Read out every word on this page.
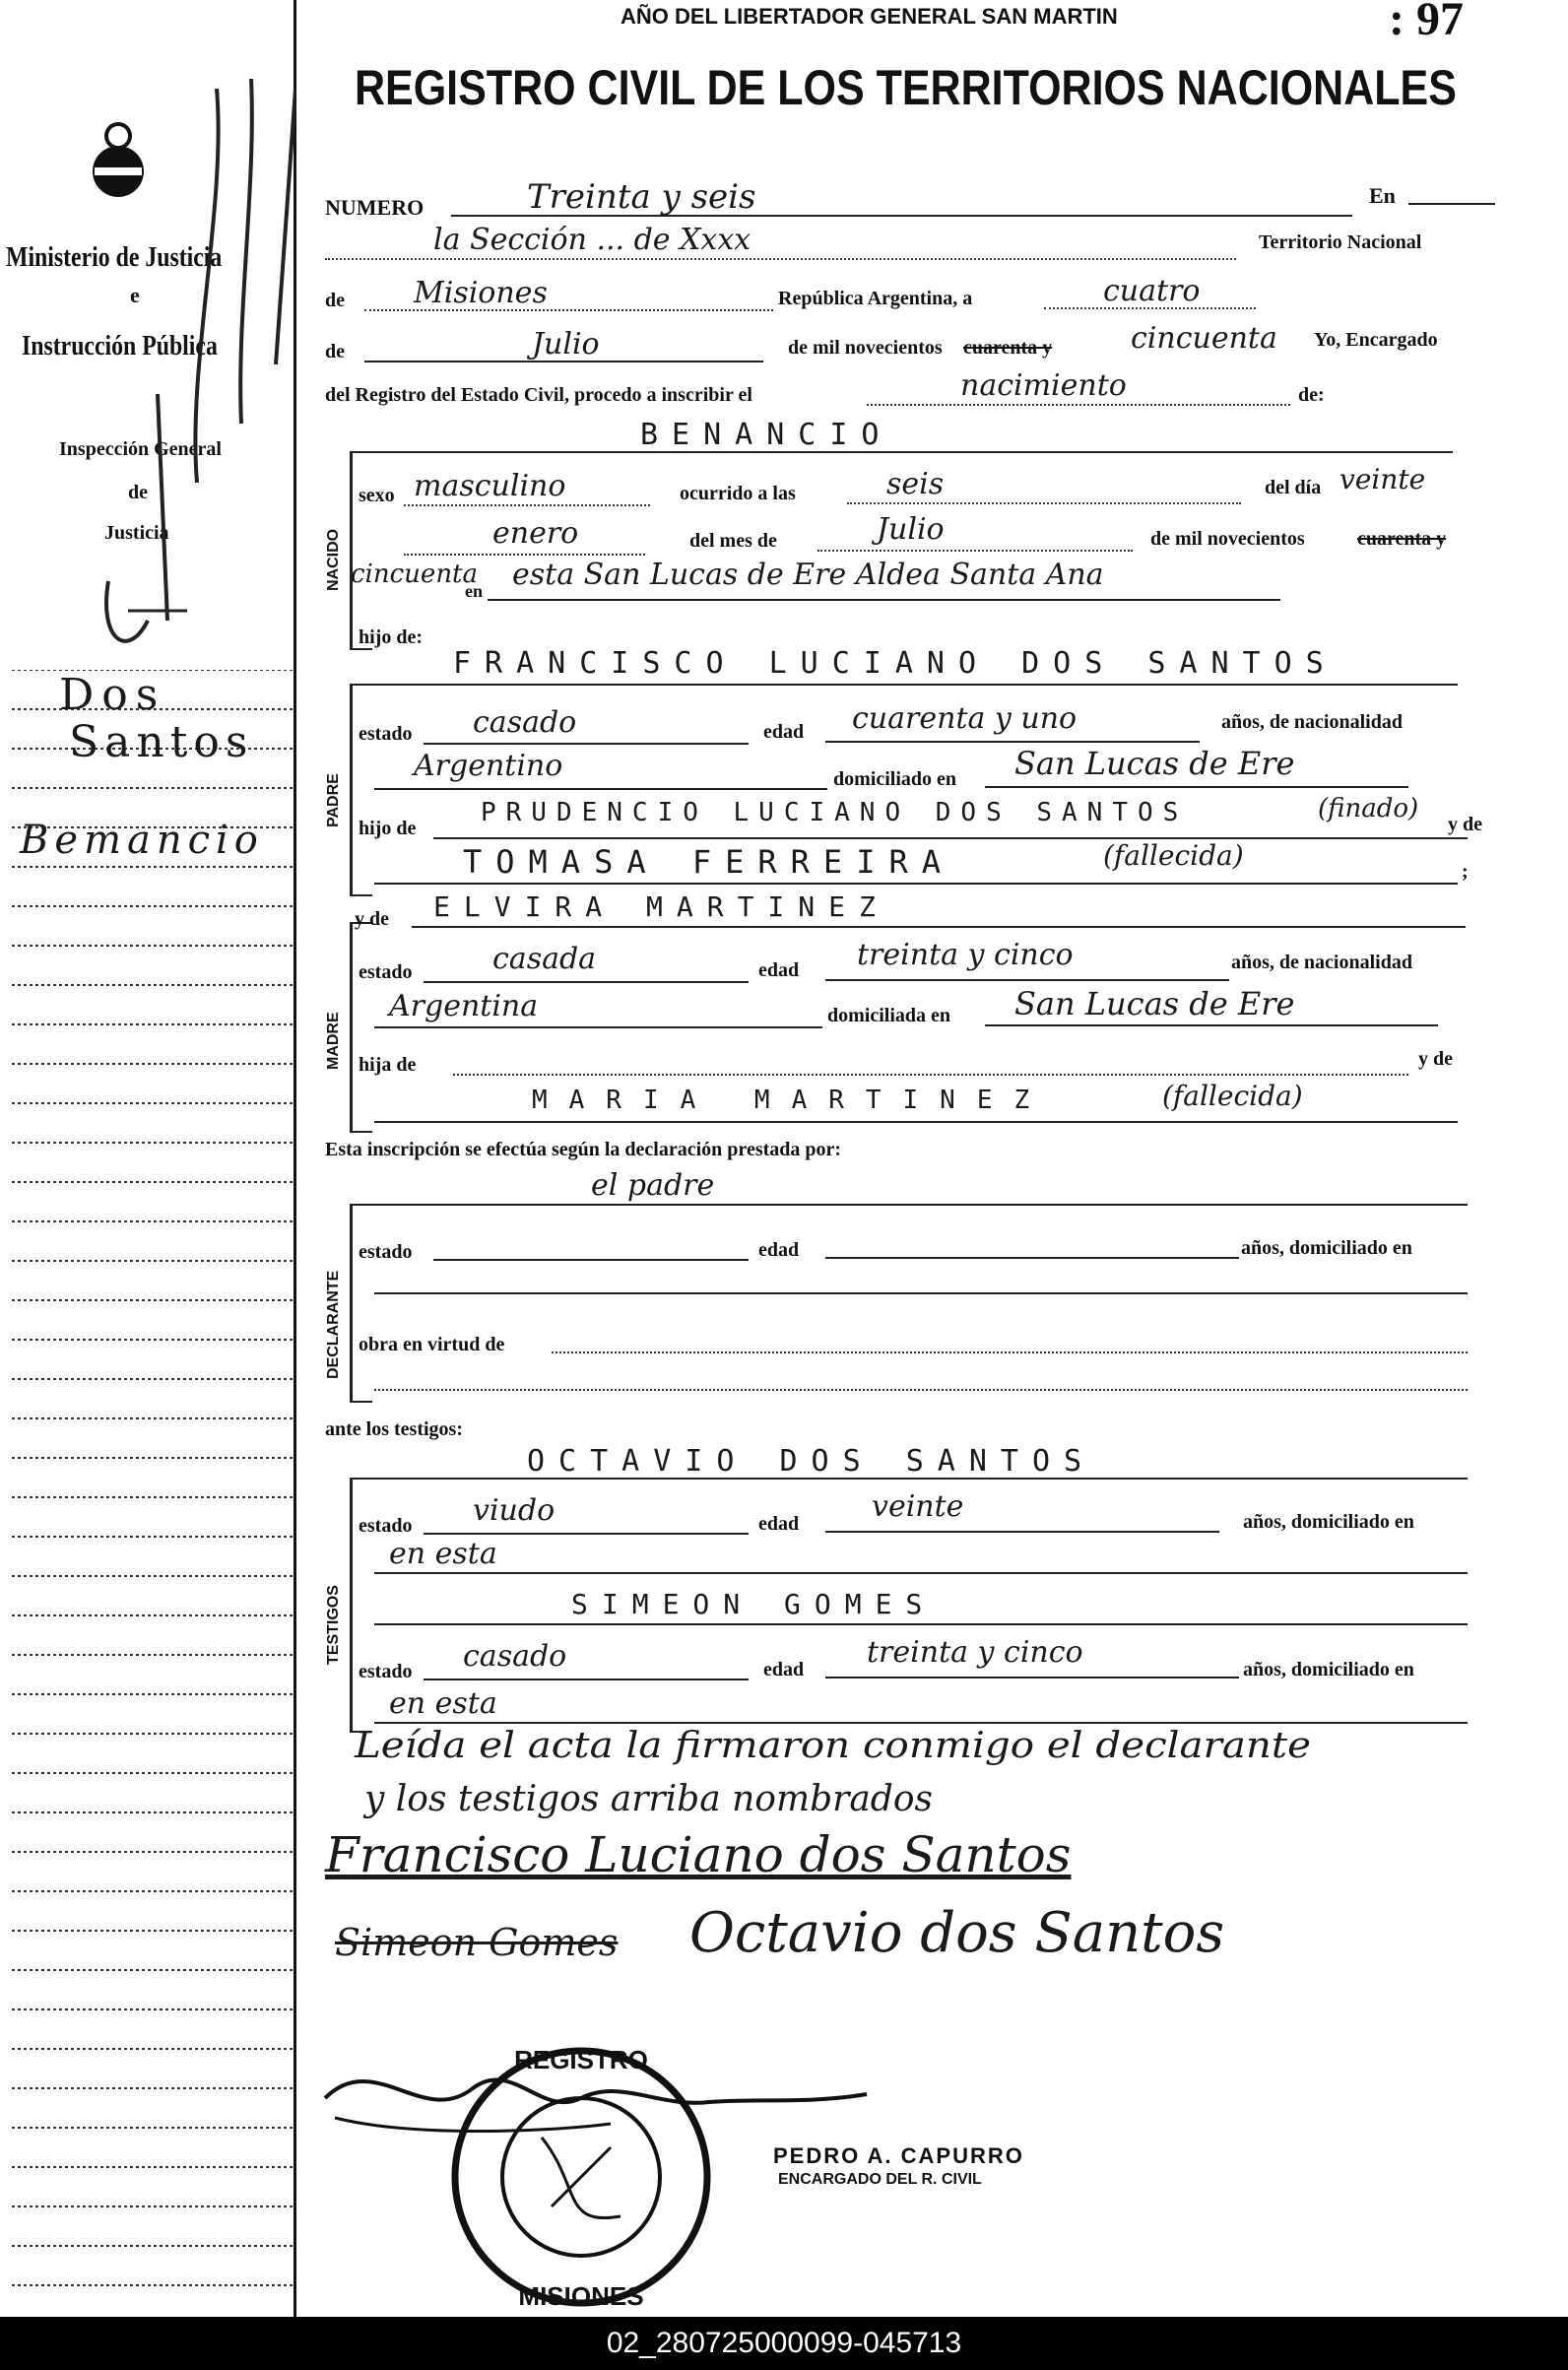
Ministerio de Justicia
e
Instrucción Pública
Inspección General
de
Justicia
Dos
Santos
Bemancio
AÑO DEL LIBERTADOR GENERAL SAN MARTIN	: 97
REGISTRO CIVIL DE LOS TERRITORIOS NACIONALES
NUMERO	Treinta y seis	En
la Sección ... de Xxxx	Territorio Nacional
de Misiones	República Argentina, a	cuatro
de	Julio	de mil novecientos cuarenta y	cincuenta Yo, Encargado
del Registro del Estado Civil, procedo a inscribir el	nacimiento	de:
NACIDO
BENANCIO
sexo masculino	ocurrido a las	seis	del día veinte
enero	del mes de	Julio	de mil novecientos	cuarenta y
cincuenta
en esta San Lucas de Ere Aldea Santa Ana
hijo de:
PADRE
FRANCISCO LUCIANO DOS SANTOS
estado casado	edad cuarenta y uno	años, de nacionalidad
Argentino	domiciliado en San Lucas de Ere
hijo de
PRUDENCIO LUCIANO DOS SANTOS	(finado)
y de
TOMASA FERREIRA	(fallecida)	;
MADRE
y de ELVIRA MARTINEZ
estado	casada	edad treinta y cinco	años, de nacionalidad
Argentina	domiciliada en San Lucas de Ere
hija de	y de
MARIA MARTINEZ	(fallecida)
Esta inscripción se efectúa según la declaración prestada por:
el padre
DECLARANTE
estado	edad	años, domiciliado en
obra en virtud de
ante los testigos:
TESTIGOS
OCTAVIO DOS SANTOS
estado viudo	edad veinte	años, domiciliado en
en esta
SIMEON GOMES
estado casado	edad treinta y cinco	años, domiciliado en
en esta
Leída el acta la firmaron conmigo el declarante
y los testigos arriba nombrados
Francisco Luciano dos Santos
Simeon Gomes Octavio dos Santos
REGISTRO
MISIONES
PEDRO A. CAPURRO
ENCARGADO DEL R. CIVIL
02_280725000099-045713
